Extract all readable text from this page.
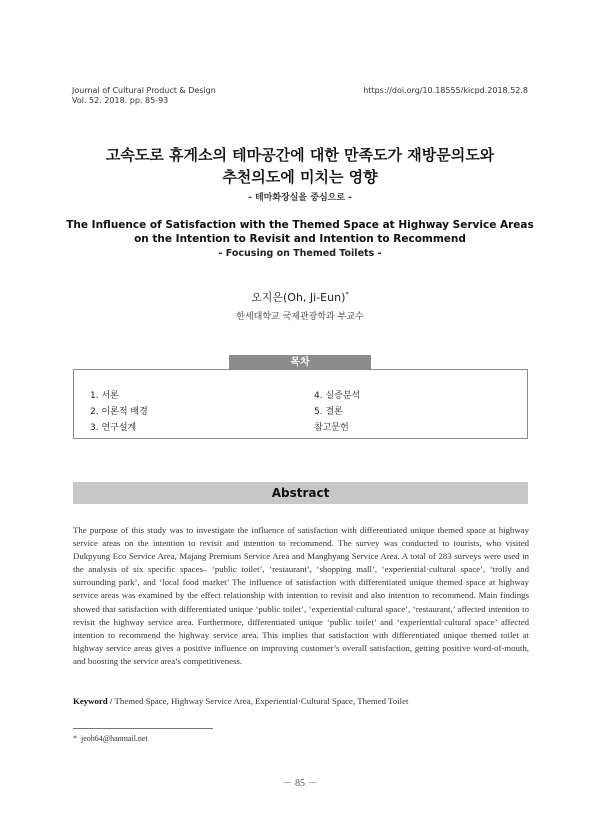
Journal of Cultural Product & Design
Vol. 52. 2018. pp. 85-93
https://doi.org/10.18555/kicpd.2018.52.8
고속도로 휴게소의 테마공간에 대한 만족도가 재방문의도와
추천의도에 미치는 영향
- 테마화장실을 중심으로 -
The Influence of Satisfaction with the Themed Space at Highway Service Areas on the Intention to Revisit and Intention to Recommend
- Focusing on Themed Toilets -
오지은(Oh, Ji-Eun)*
한세대학교 국제관광학과 부교수
목차
1. 서론
2. 이론적 배경
3. 연구설계
4. 실증분석
5. 결론
참고문헌
Abstract

The purpose of this study was to investigate the influence of satisfaction with differentiated unique themed space at highway service areas on the intention to revisit and intention to recommend. The survey was conducted to tourists, who visited Dukpyung Eco Service Area, Majang Premium Service Area and Manghyang Service Area. A total of 283 surveys were used in the analysis of six specific spaces– ‘public toilet’, ‘restaurant’, ‘shopping mall’, ‘experiential·cultural space’, ‘trolly and surrounding park’, and ‘local food market’ The influence of satisfaction with differentiated unique themed space at highway service areas was examined by the effect relationship with intention to revisit and also intention to recommend. Main findings showed that satisfaction with differentiated unique ‘public toilet’, ‘experiential·cultural space’, ‘restaurant,’ affected intention to revisit the highway service area. Furthermore, differentiated unique ‘public toilet’ and ‘experiential·cultural space’ affected intention to recommend the highway service area. This implies that satisfaction with differentiated unique themed toilet at highway service areas gives a positive influence on improving customer’s overall satisfaction, getting positive word-of-mouth, and boosting the service area’s competitiveness.

Keyword / Themed Space, Highway Service Area, Experiential·Cultural Space, Themed Toilet
* jeoh64@hanmail.net
－ 85 －
